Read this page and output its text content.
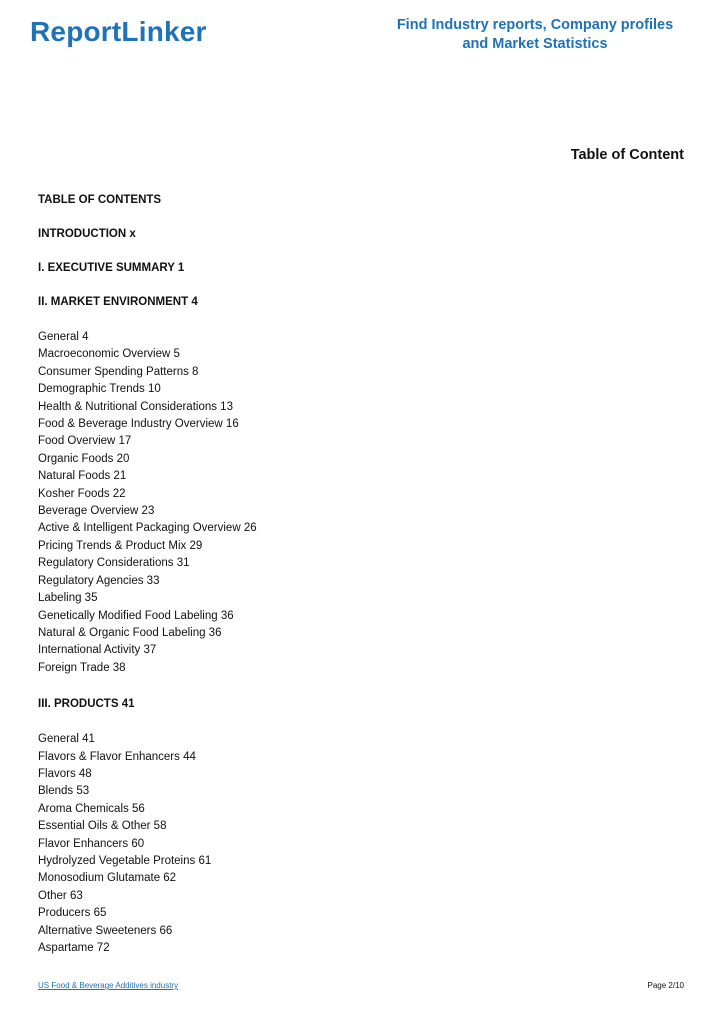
ReportLinker	Find Industry reports, Company profiles
and Market Statistics
Table of Content
TABLE OF CONTENTS
INTRODUCTION x
I. EXECUTIVE SUMMARY 1
II. MARKET ENVIRONMENT 4
General 4
Macroeconomic Overview 5
Consumer Spending Patterns 8
Demographic Trends 10
Health & Nutritional Considerations 13
Food & Beverage Industry Overview 16
Food Overview 17
Organic Foods 20
Natural Foods 21
Kosher Foods 22
Beverage Overview 23
Active & Intelligent Packaging Overview 26
Pricing Trends & Product Mix 29
Regulatory Considerations 31
Regulatory Agencies 33
Labeling 35
Genetically Modified Food Labeling 36
Natural & Organic Food Labeling 36
International Activity 37
Foreign Trade 38
III. PRODUCTS 41
General 41
Flavors & Flavor Enhancers 44
Flavors 48
Blends 53
Aroma Chemicals 56
Essential Oils & Other 58
Flavor Enhancers 60
Hydrolyzed Vegetable Proteins 61
Monosodium Glutamate 62
Other 63
Producers 65
Alternative Sweeteners 66
Aspartame 72
US Food & Beverage Additives industry	Page 2/10
